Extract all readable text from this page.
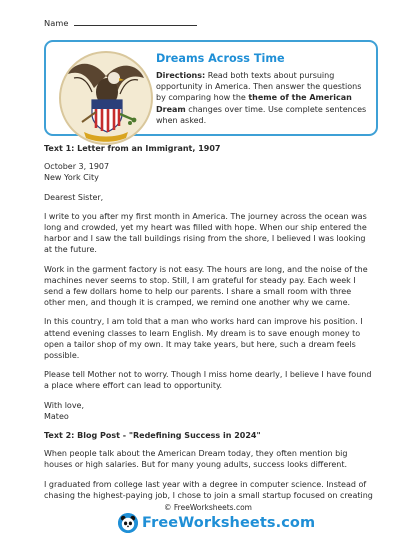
Name
Dreams Across Time
Directions: Read both texts about pursuing opportunity in America. Then answer the questions by comparing how the theme of the American Dream changes over time. Use complete sentences when asked.
Text 1: Letter from an Immigrant, 1907

October 3, 1907

New York City

Dearest Sister,

I write to you after my first month in America. The journey across the ocean was long and crowded, yet my heart was filled with hope. When our ship entered the harbor and I saw the tall buildings rising from the shore, I believed I was looking at the future.

Work in the garment factory is not easy. The hours are long, and the noise of the machines never seems to stop. Still, I am grateful for steady pay. Each week I send a few dollars home to help our parents. I share a small room with three other men, and though it is cramped, we remind one another why we came.

In this country, I am told that a man who works hard can improve his position. I attend evening classes to learn English. My dream is to save enough money to open a tailor shop of my own. It may take years, but here, such a dream feels possible.

Please tell Mother not to worry. Though I miss home dearly, I believe I have found a place where effort can lead to opportunity.

With love,

Mateo

Text 2: Blog Post - "Redefining Success in 2024"

When people talk about the American Dream today, they often mention big houses or high salaries. But for many young adults, success looks different.

I graduated from college last year with a degree in computer science. Instead of chasing the highest-paying job, I chose to join a small startup focused on creating

© FreeWorksheets.com
FreeWorksheets.com
